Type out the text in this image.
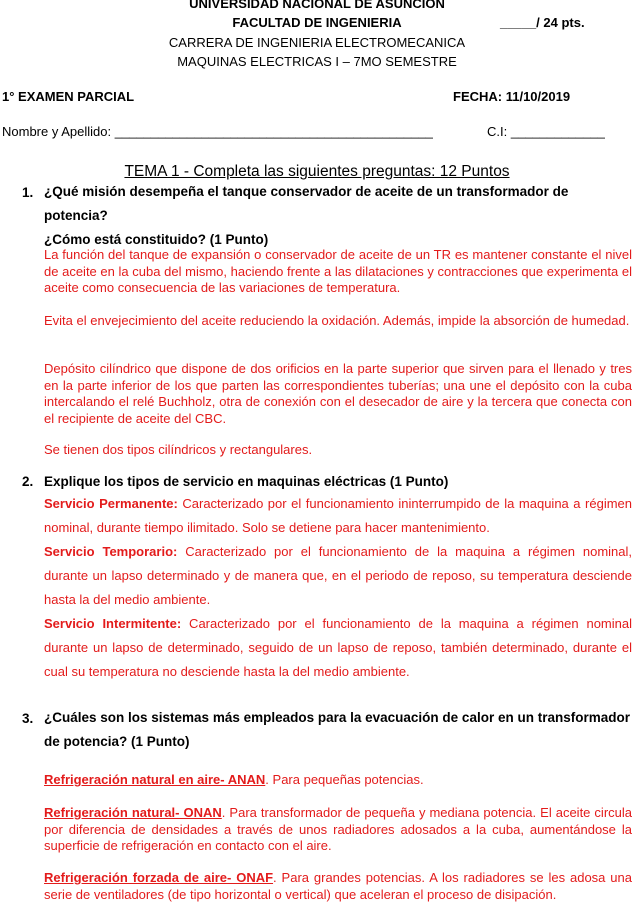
UNIVERSIDAD NACIONAL DE ASUNCION
FACULTAD DE INGENIERIA	_____/ 24 pts.
CARRERA DE INGENIERIA ELECTROMECANICA
MAQUINAS ELECTRICAS I – 7MO SEMESTRE
1° EXAMEN PARCIAL	FECHA: 11/10/2019
Nombre y Apellido: ____________________________________________	C.I: _____________
TEMA 1 - Completa las siguientes preguntas: 12 Puntos
1. ¿Qué misión desempeña el tanque conservador de aceite de un transformador de potencia?
¿Cómo está constituido? (1 Punto)

La función del tanque de expansión o conservador de aceite de un TR es mantener constante el nivel de aceite en la cuba del mismo, haciendo frente a las dilataciones y contracciones que experimenta el aceite como consecuencia de las variaciones de temperatura.

Evita el envejecimiento del aceite reduciendo la oxidación. Además, impide la absorción de humedad.

Depósito cilíndrico que dispone de dos orificios en la parte superior que sirven para el llenado y tres en la parte inferior de los que parten las correspondientes tuberías; una une el depósito con la cuba intercalando el relé Buchholz, otra de conexión con el desecador de aire y la tercera que conecta con el recipiente de aceite del CBC.

Se tienen dos tipos cilíndricos y rectangulares.

2. Explique los tipos de servicio en maquinas eléctricas (1 Punto)

Servicio Permanente: Caracterizado por el funcionamiento ininterrumpido de la maquina a régimen nominal, durante tiempo ilimitado. Solo se detiene para hacer mantenimiento.

Servicio Temporario: Caracterizado por el funcionamiento de la maquina a régimen nominal, durante un lapso determinado y de manera que, en el periodo de reposo, su temperatura desciende hasta la del medio ambiente.

Servicio Intermitente: Caracterizado por el funcionamiento de la maquina a régimen nominal durante un lapso de determinado, seguido de un lapso de reposo, también determinado, durante el cual su temperatura no desciende hasta la del medio ambiente.

3. ¿Cuáles son los sistemas más empleados para la evacuación de calor en un transformador
de potencia? (1 Punto)

Refrigeración natural en aire- ANAN. Para pequeñas potencias.

Refrigeración natural- ONAN. Para transformador de pequeña y mediana potencia. El aceite circula por diferencia de densidades a través de unos radiadores adosados a la cuba, aumentándose la superficie de refrigeración en contacto con el aire.

Refrigeración forzada de aire- ONAF. Para grandes potencias. A los radiadores se les adosa una serie de ventiladores (de tipo horizontal o vertical) que aceleran el proceso de disipación.
